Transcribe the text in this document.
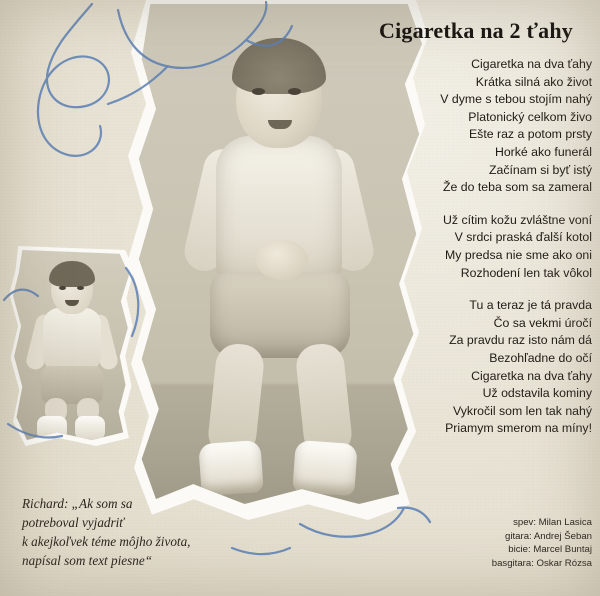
Cigaretka na 2 ťahy
Cigaretka na dva ťahy
Krátka silná ako život
V dyme s tebou stojím nahý
Platonický celkom živo
Ešte raz a potom prsty
Horké ako funerál
Začínam si byť istý
Že do teba som sa zameral
Už cítim kožu zvláštne voní
V srdci praská ďalší kotol
My predsa nie sme ako oni
Rozhodení len tak vôkol
Tu a teraz je tá pravda
Čo sa vekmi úročí
Za pravdu raz isto nám dá
Bezohľadne do očí
Cigaretka na dva ťahy
Už odstavila kominy
Vykročil som len tak nahý
Priamym smerom na míny!
Richard: „Ak som sa
potreboval vyjadriť
k akejkoľvek téme môjho života,
napísal som text piesne“
spev: Milan Lasica
gitara: Andrej Šeban
bicie: Marcel Buntaj
basgitara: Oskar Rózsa
